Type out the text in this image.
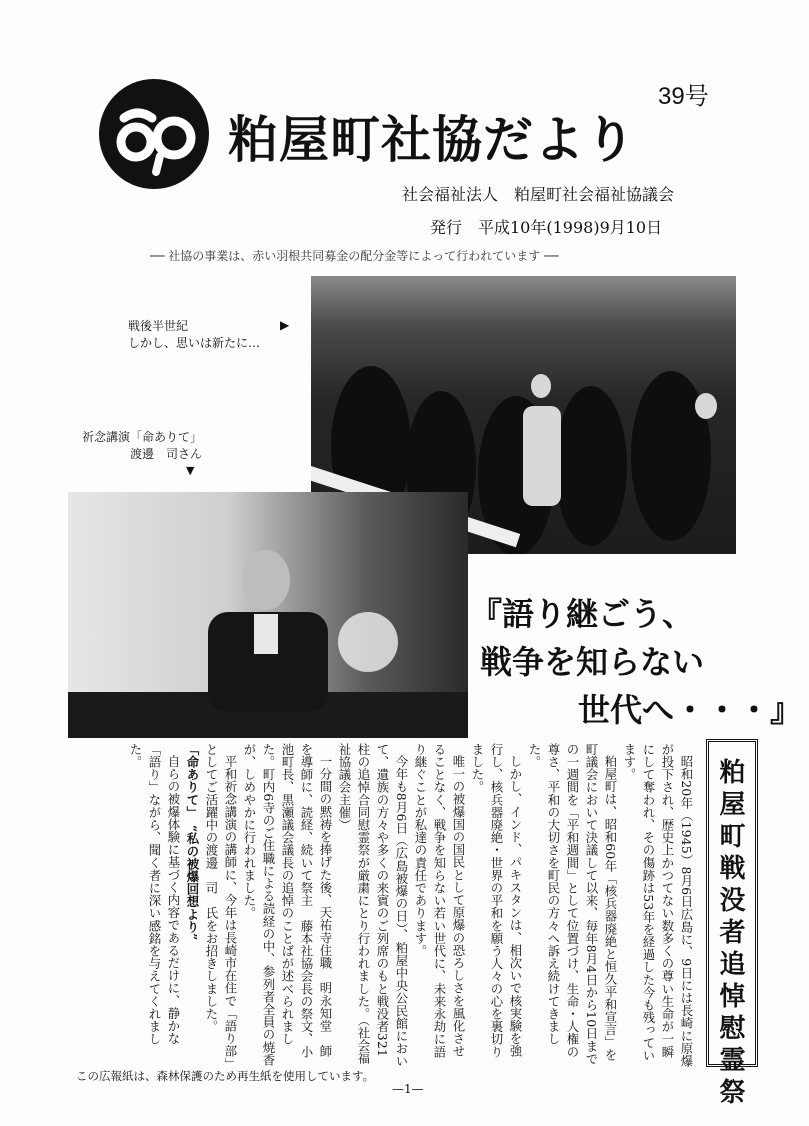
粕屋町社協だより
39号
社会福祉法人　粕屋町社会福祉協議会
発行　平成10年(1998)9月10日
── 社協の事業は、赤い羽根共同募金の配分金等によって行われています ──
戦後半世紀
しかし、思いは新たに…
▶
祈念講演「命ありて」
渡邊　司さん
▼
『語り継ごう、
戦争を知らない
世代へ・・・』
粕屋町戦没者追悼慰霊祭

昭和20年（1945）8月6日広島に、9日には長崎に原爆が投下され、歴史上かつてない数多くの尊い生命が一瞬にして奪われ、その傷跡は53年を経過した今も残っています。

粕屋町は、昭和60年「核兵器廃絶と恒久平和宣言」を町議会において決議して以来、毎年8月4日から10日までの一週間を「平和週間」として位置づけ、生命・人権の尊さ、平和の大切さを町民の方々へ訴え続けてきました。

しかし、インド、パキスタンは、相次いで核実験を強行し、核兵器廃絶・世界の平和を願う人々の心を裏切りました。

唯一の被爆国の国民として原爆の恐ろしさを風化させることなく、戦争を知らない若い世代に、未来永劫に語り継ぐことが私達の責任であります。

今年も8月6日（広島被爆の日）、粕屋中央公民館において、遺族の方々や多くの来賓のご列席のもと戦没者321柱の追悼合同慰霊祭が厳粛にとり行われました。（社会福祉協議会主催）

一分間の黙祷を捧げた後、天祐寺住職　明永知堂　師を導師に、読経、続いて祭主　藤本社協会長の祭文、小池町長、黒瀬議会議長の追悼のことばが述べられました。町内6寺のご住職による読経の中、参列者全員の焼香が、しめやかに行われました。

平和祈念講演の講師に、今年は長崎市在住で「語り部」としてご活躍中の渡邊　司　氏をお招きしました。

「命ありて」　“私の被爆回想より”

自らの被爆体験に基づく内容であるだけに、静かな「語り」ながら、聞く者に深い感銘を与えてくれました。

この広報紙は、森林保護のため再生紙を使用しています。
—1—
